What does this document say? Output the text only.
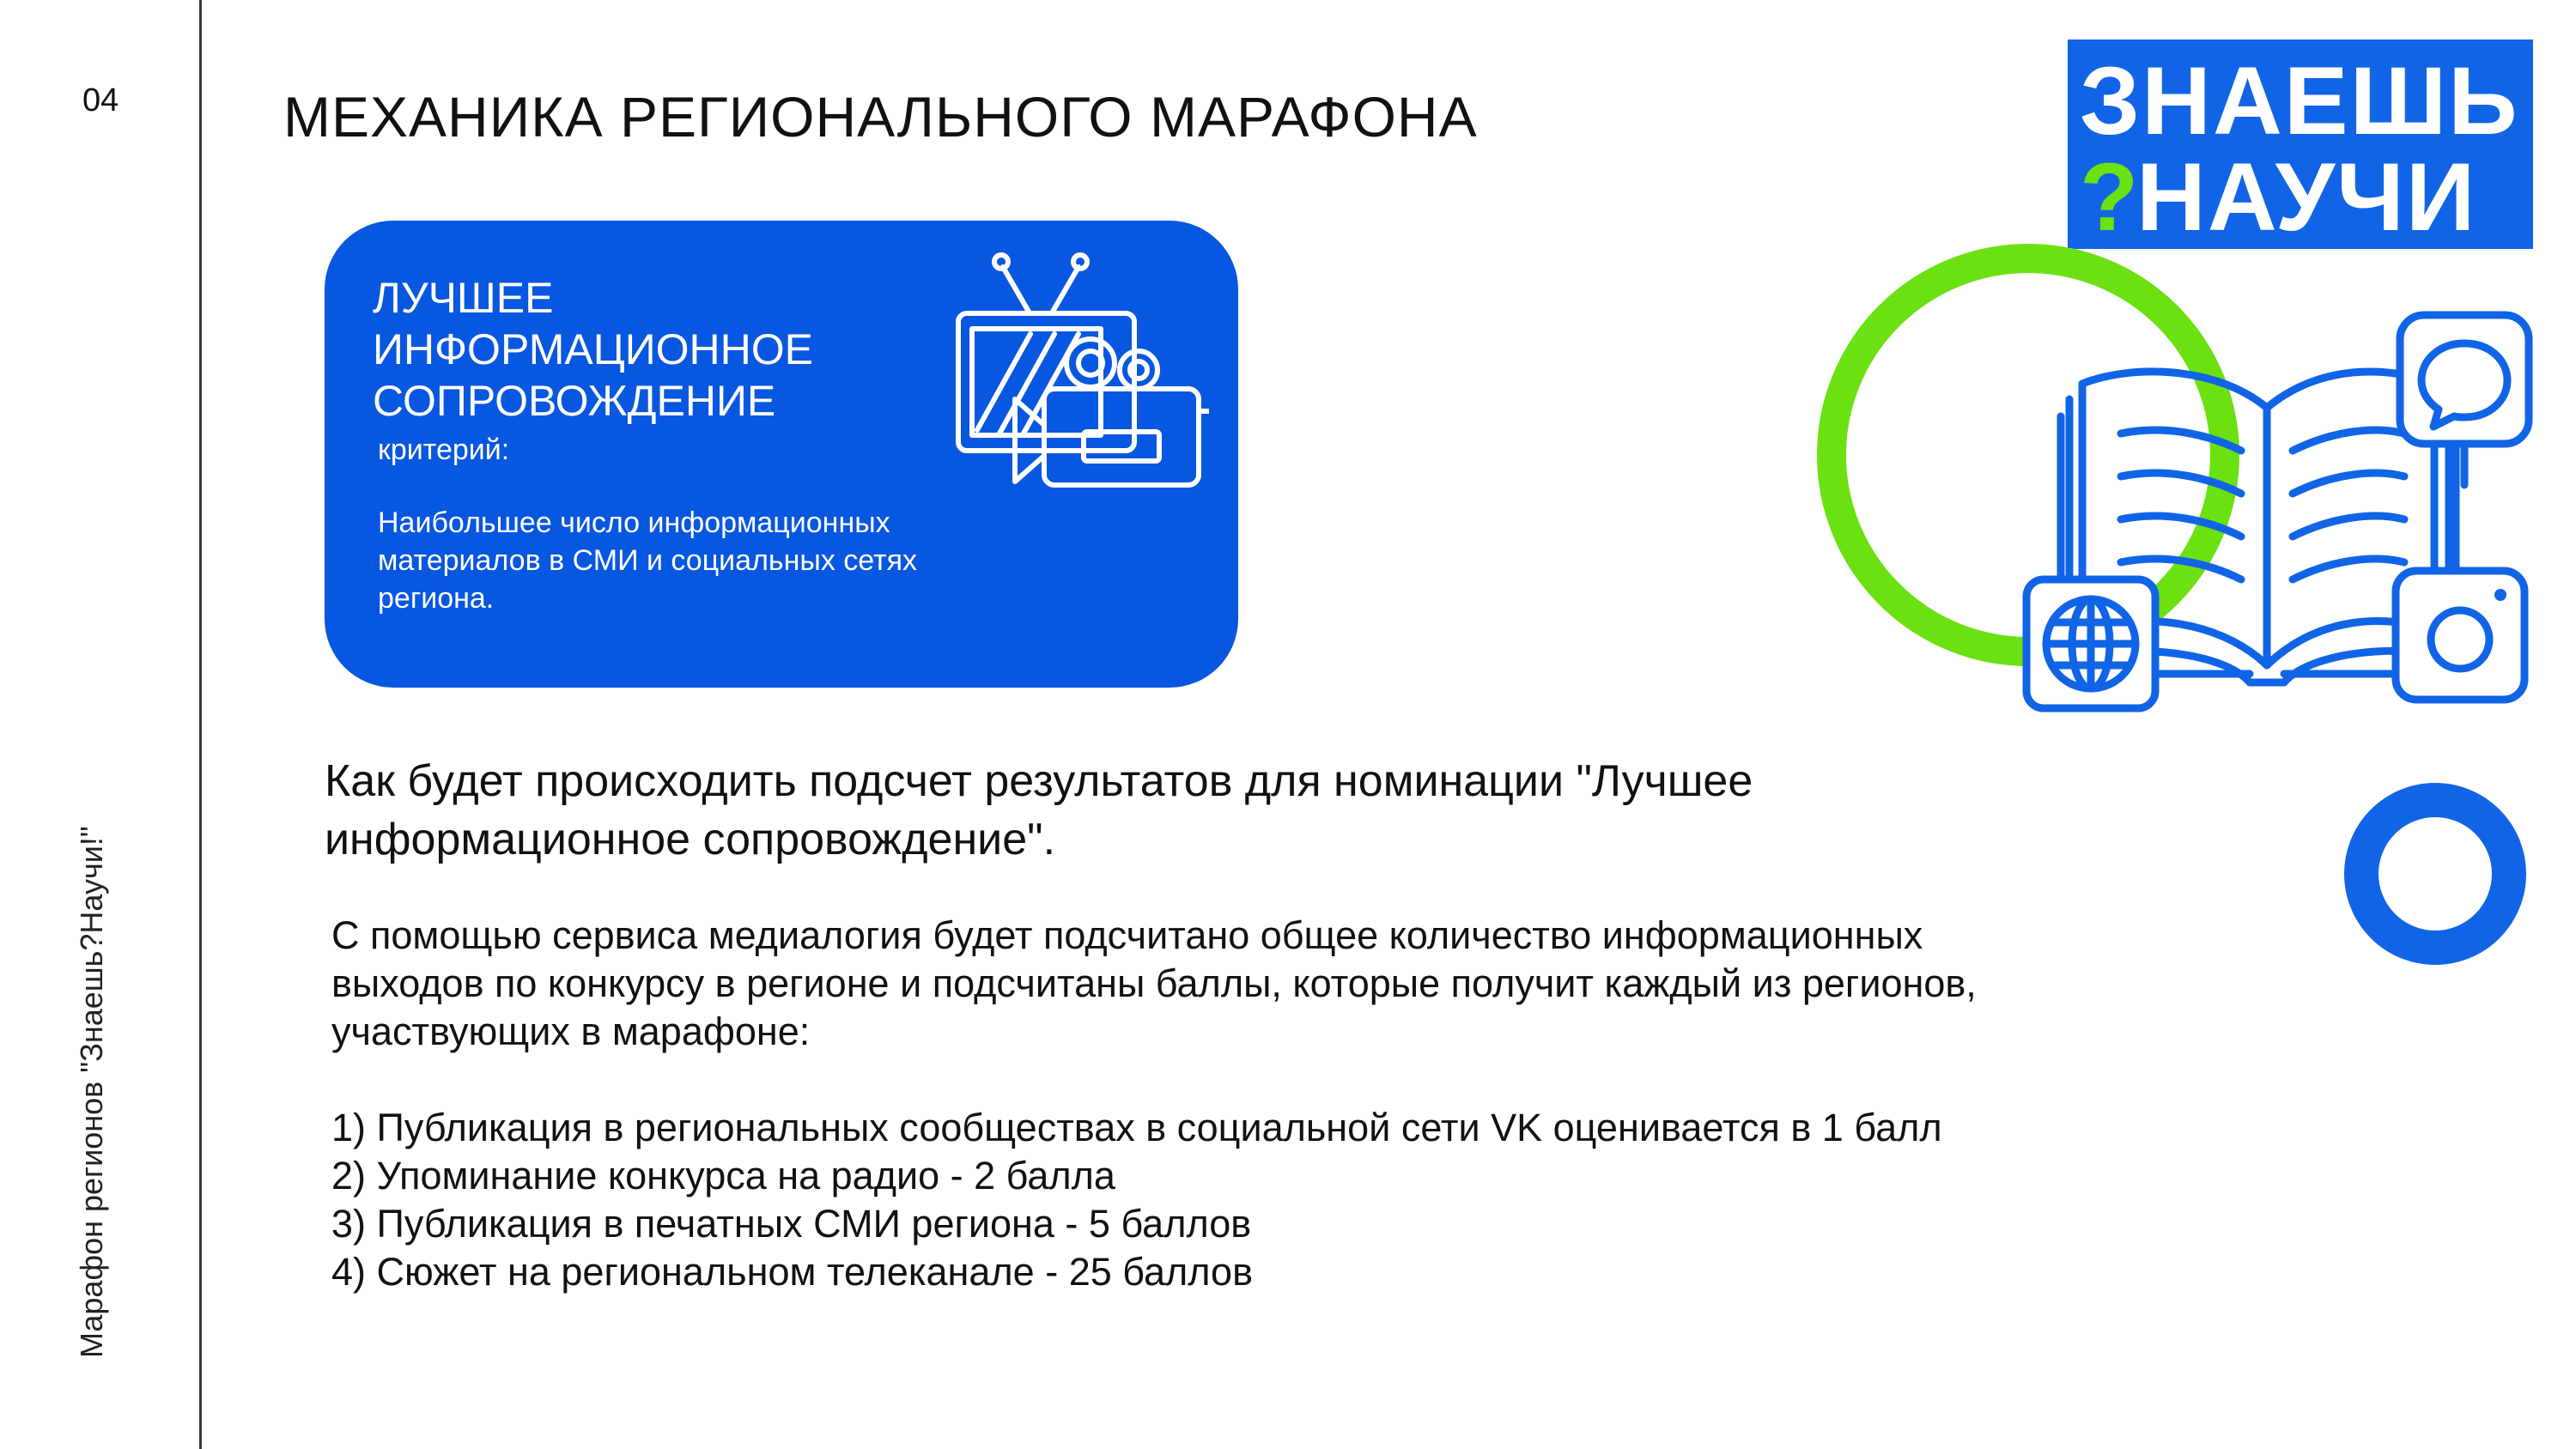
04
Марафон регионов "Знаешь?Научи!"
МЕХАНИКА РЕГИОНАЛЬНОГО МАРАФОНА
ЛУЧШЕЕ
ИНФОРМАЦИОННОЕ
СОПРОВОЖДЕНИЕ
критерий:
Наибольшее число информационных материалов в СМИ и социальных сетях региона.
ЗНАЕШЬ
?
НАУЧИ
Как будет происходить подсчет результатов для номинации "Лучшее
информационное сопровождение".
С помощью сервиса медиалогия будет подсчитано общее количество информационных
выходов по конкурсу в регионе и подсчитаны баллы, которые получит каждый из регионов,
участвующих в марафоне:
1) Публикация в региональных сообществах в социальной сети VK оценивается в 1 балл
2) Упоминание конкурса на радио - 2 балла
3) Публикация в печатных СМИ региона - 5 баллов
4) Сюжет на региональном телеканале - 25 баллов
